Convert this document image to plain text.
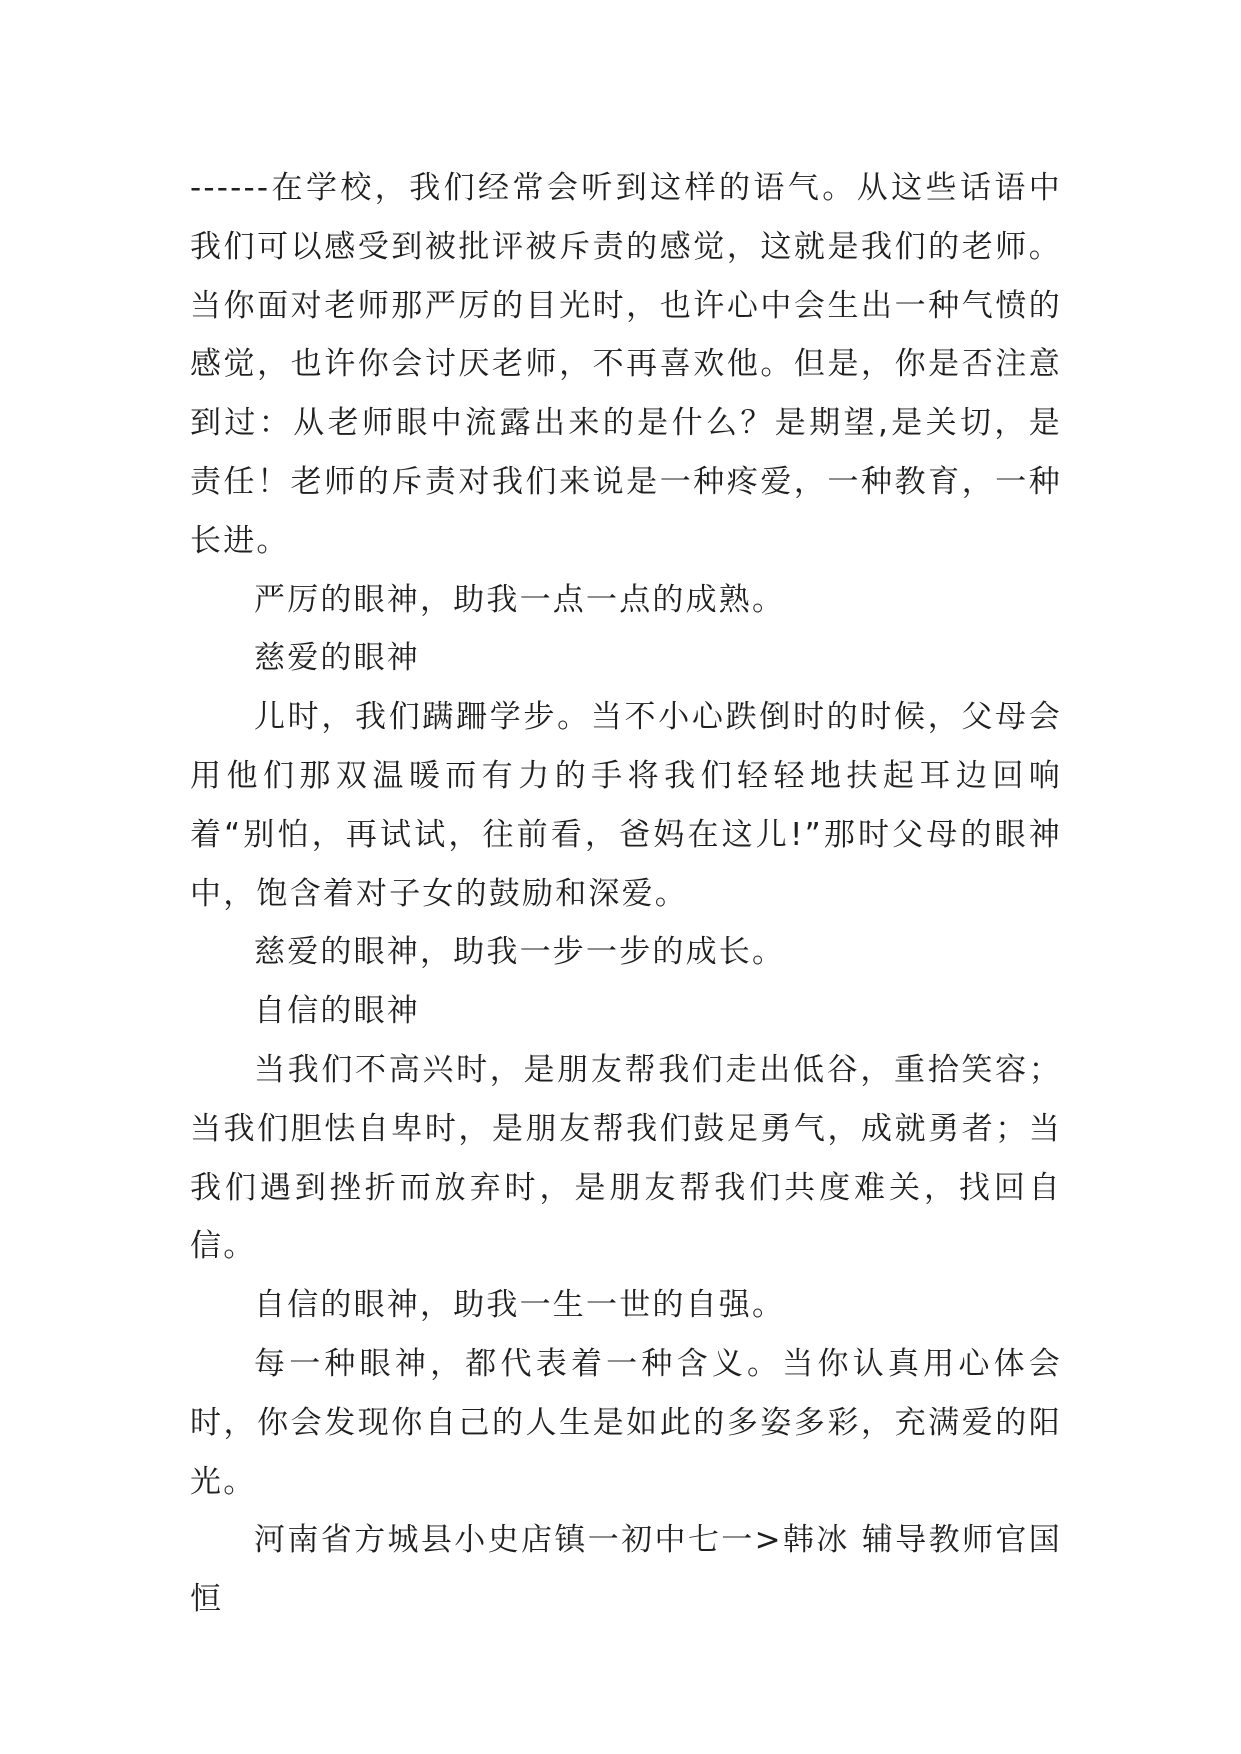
------在学校，我们经常会听到这样的语气。从这些话语中我们可以感受到被批评被斥责的感觉，这就是我们的老师。当你面对老师那严厉的目光时，也许心中会生出一种气愤的感觉，也许你会讨厌老师，不再喜欢他。但是，你是否注意到过：从老师眼中流露出来的是什么？是期望,是关切，是责任！老师的斥责对我们来说是一种疼爱，一种教育，一种长进。

严厉的眼神，助我一点一点的成熟。

慈爱的眼神

儿时，我们蹒跚学步。当不小心跌倒时的时候，父母会用他们那双温暖而有力的手将我们轻轻地扶起耳边回响着“别怕，再试试，往前看，爸妈在这儿!”那时父母的眼神中，饱含着对子女的鼓励和深爱。

慈爱的眼神，助我一步一步的成长。

自信的眼神

当我们不高兴时，是朋友帮我们走出低谷，重拾笑容；当我们胆怯自卑时，是朋友帮我们鼓足勇气，成就勇者；当我们遇到挫折而放弃时，是朋友帮我们共度难关，找回自信。

自信的眼神，助我一生一世的自强。

每一种眼神，都代表着一种含义。当你认真用心体会时，你会发现你自己的人生是如此的多姿多彩，充满爱的阳光。

河南省方城县小史店镇一初中七一>韩冰 辅导教师官国恒
